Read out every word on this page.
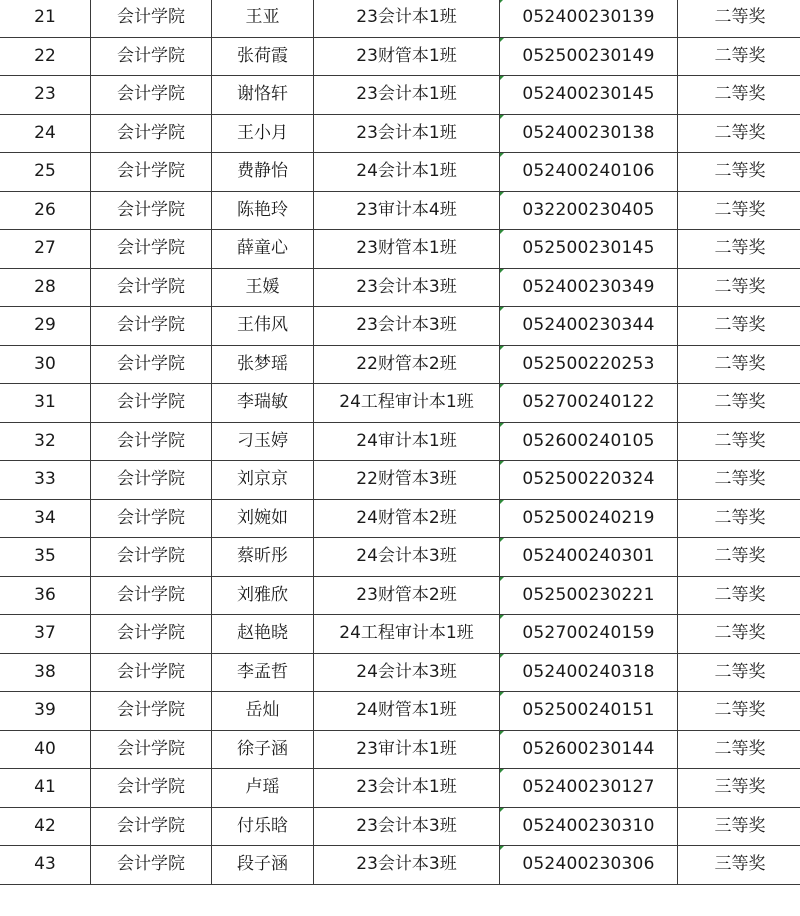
21	会计学院	王亚	23会计本1班	052400230139	二等奖
22	会计学院	张荷霞	23财管本1班	052500230149	二等奖
23	会计学院	谢恪轩	23会计本1班	052400230145	二等奖
24	会计学院	王小月	23会计本1班	052400230138	二等奖
25	会计学院	费静怡	24会计本1班	052400240106	二等奖
26	会计学院	陈艳玲	23审计本4班	032200230405	二等奖
27	会计学院	薛童心	23财管本1班	052500230145	二等奖
28	会计学院	王媛	23会计本3班	052400230349	二等奖
29	会计学院	王伟风	23会计本3班	052400230344	二等奖
30	会计学院	张梦瑶	22财管本2班	052500220253	二等奖
31	会计学院	李瑞敏	24工程审计本1班	052700240122	二等奖
32	会计学院	刁玉婷	24审计本1班	052600240105	二等奖
33	会计学院	刘京京	22财管本3班	052500220324	二等奖
34	会计学院	刘婉如	24财管本2班	052500240219	二等奖
35	会计学院	蔡昕彤	24会计本3班	052400240301	二等奖
36	会计学院	刘雅欣	23财管本2班	052500230221	二等奖
37	会计学院	赵艳晓	24工程审计本1班	052700240159	二等奖
38	会计学院	李孟哲	24会计本3班	052400240318	二等奖
39	会计学院	岳灿	24财管本1班	052500240151	二等奖
40	会计学院	徐子涵	23审计本1班	052600230144	二等奖
41	会计学院	卢瑶	23会计本1班	052400230127	三等奖
42	会计学院	付乐晗	23会计本3班	052400230310	三等奖
43	会计学院	段子涵	23会计本3班	052400230306	三等奖
